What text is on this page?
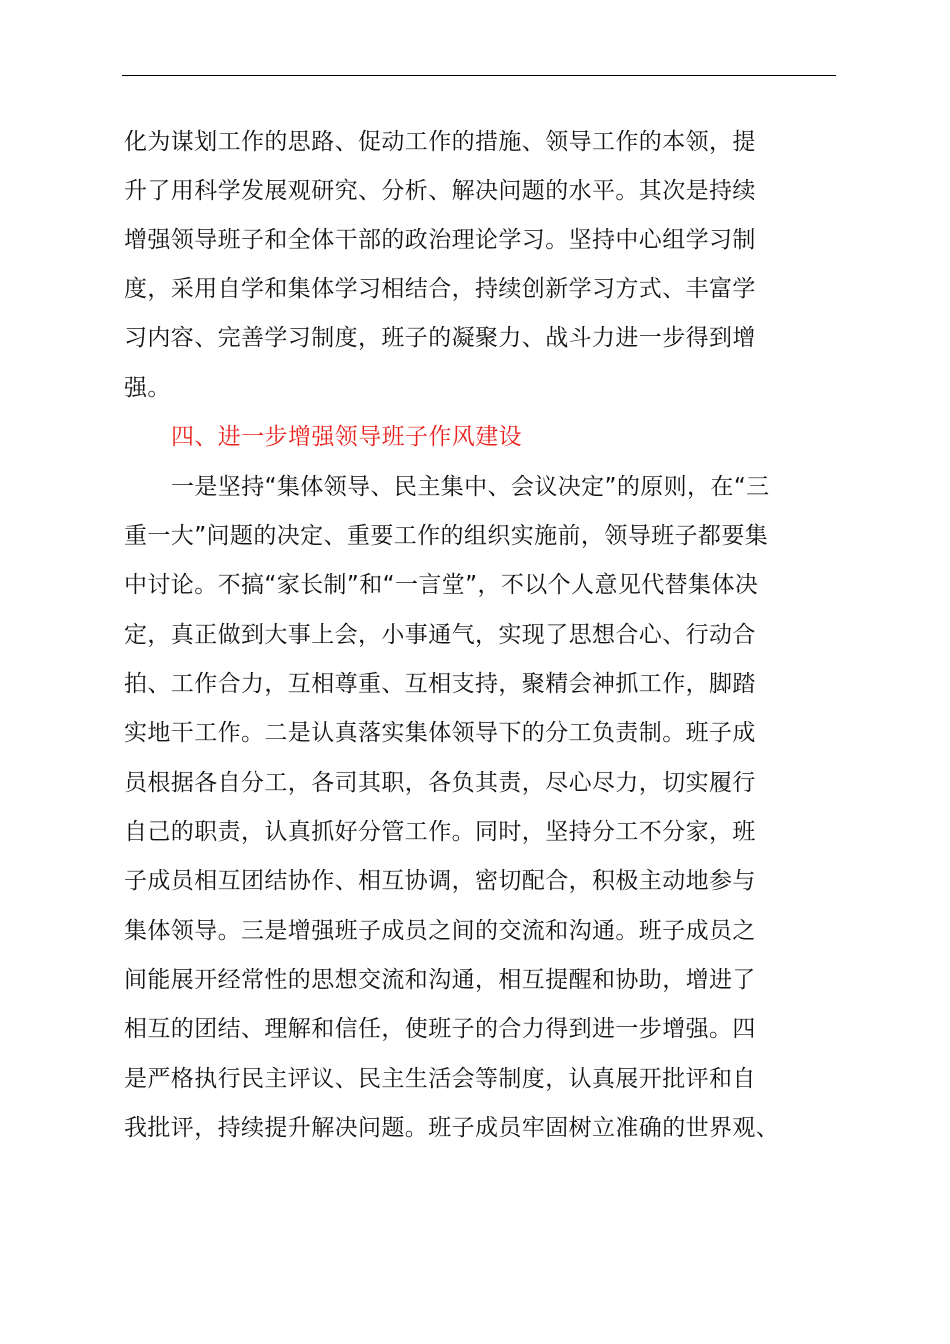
化为谋划工作的思路、促动工作的措施、领导工作的本领，提
升了用科学发展观研究、分析、解决问题的水平。其次是持续
增强领导班子和全体干部的政治理论学习。坚持中心组学习制
度，采用自学和集体学习相结合，持续创新学习方式、丰富学
习内容、完善学习制度，班子的凝聚力、战斗力进一步得到增
强。
四、进一步增强领导班子作风建设
一是坚持“集体领导、民主集中、会议决定”的原则，在“三
重一大”问题的决定、重要工作的组织实施前，领导班子都要集
中讨论。不搞“家长制”和“一言堂”，不以个人意见代替集体决
定，真正做到大事上会，小事通气，实现了思想合心、行动合
拍、工作合力，互相尊重、互相支持，聚精会神抓工作，脚踏
实地干工作。二是认真落实集体领导下的分工负责制。班子成
员根据各自分工，各司其职，各负其责，尽心尽力，切实履行
自己的职责，认真抓好分管工作。同时，坚持分工不分家，班
子成员相互团结协作、相互协调，密切配合，积极主动地参与
集体领导。三是增强班子成员之间的交流和沟通。班子成员之
间能展开经常性的思想交流和沟通，相互提醒和协助，增进了
相互的团结、理解和信任，使班子的合力得到进一步增强。四
是严格执行民主评议、民主生活会等制度，认真展开批评和自
我批评，持续提升解决问题。班子成员牢固树立准确的世界观、
